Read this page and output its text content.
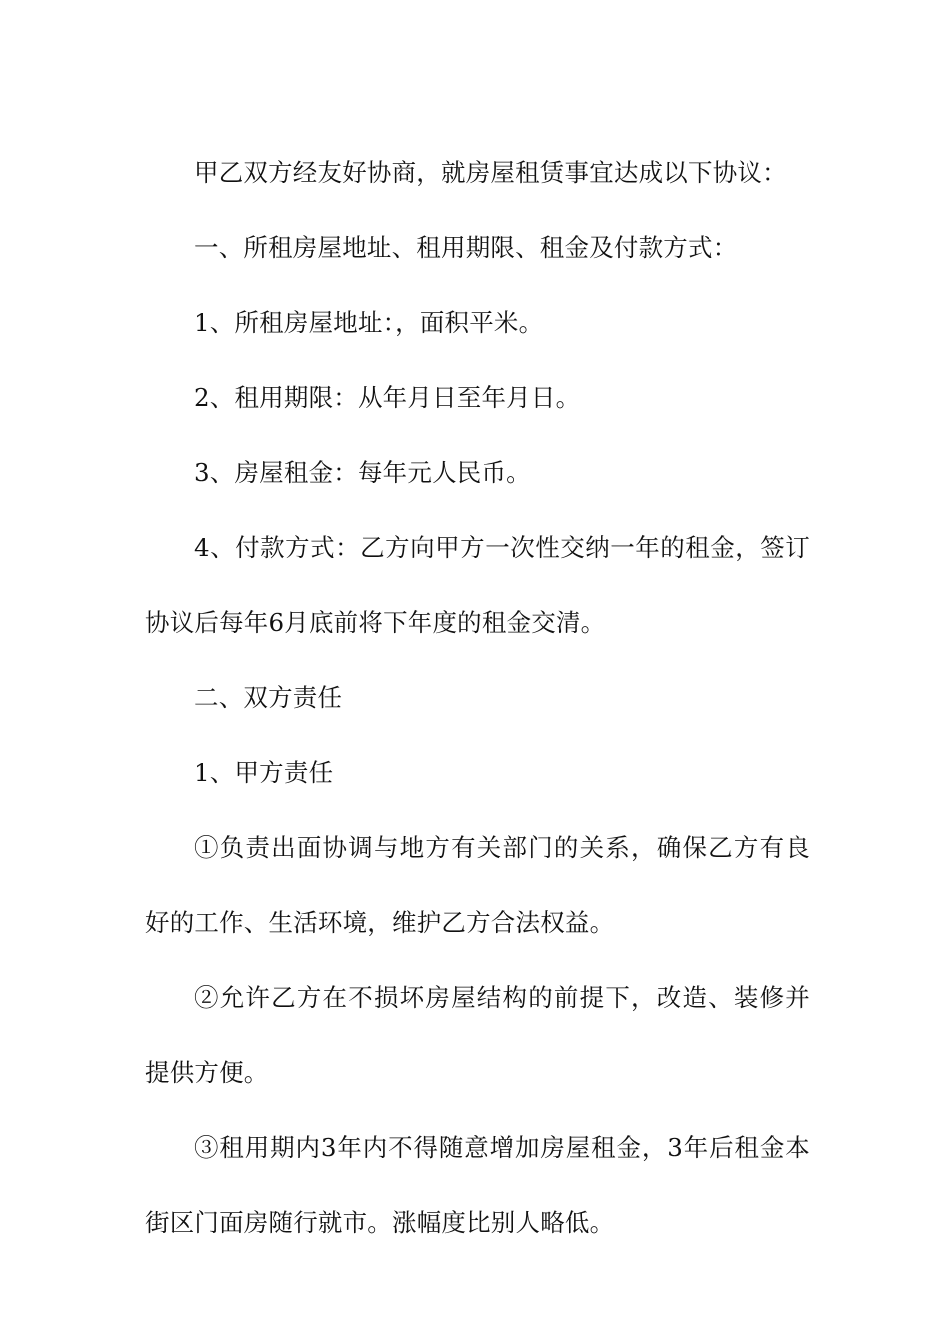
甲乙双方经友好协商，就房屋租赁事宜达成以下协议：

一、所租房屋地址、租用期限、租金及付款方式：

1、所租房屋地址：，面积平米。

2、租用期限：从年月日至年月日。

3、房屋租金：每年元人民币。

4、付款方式：乙方向甲方一次性交纳一年的租金，签订协议后每年6月底前将下年度的租金交清。

二、双方责任

1、甲方责任

①负责出面协调与地方有关部门的关系，确保乙方有良好的工作、生活环境，维护乙方合法权益。

②允许乙方在不损坏房屋结构的前提下，改造、装修并提供方便。

③租用期内3年内不得随意增加房屋租金，3年后租金本街区门面房随行就市。涨幅度比别人略低。
